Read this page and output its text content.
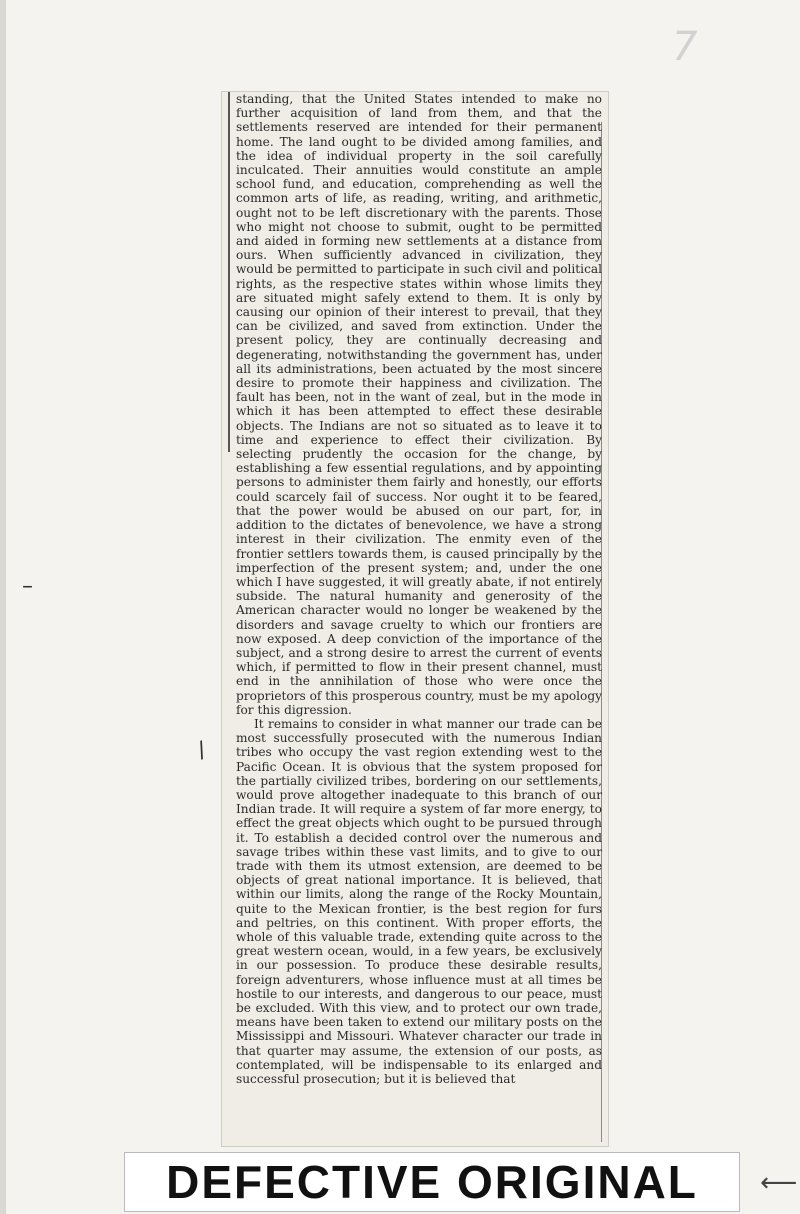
7

standing, that the United States intended to make no further acquisition of land from them, and that the settlements reserved are intended for their permanent home. The land ought to be divided among families, and the idea of individual property in the soil carefully inculcated. Their annuities would constitute an ample school fund, and education, comprehending as well the common arts of life, as reading, writing, and arithmetic, ought not to be left discretionary with the parents. Those who might not choose to submit, ought to be permitted and aided in forming new settlements at a distance from ours. When sufficiently advanced in civilization, they would be permitted to participate in such civil and political rights, as the respective states within whose limits they are situated might safely extend to them. It is only by causing our opinion of their interest to prevail, that they can be civilized, and saved from extinction. Under the present policy, they are continually decreasing and degenerating, notwithstanding the government has, under all its administrations, been actuated by the most sincere desire to promote their happiness and civilization. The fault has been, not in the want of zeal, but in the mode in which it has been attempted to effect these desirable objects. The Indians are not so situated as to leave it to time and experience to effect their civilization. By selecting prudently the occasion for the change, by establishing a few essential regulations, and by appointing persons to administer them fairly and honestly, our efforts could scarcely fail of success. Nor ought it to be feared, that the power would be abused on our part, for, in addition to the dictates of benevolence, we have a strong interest in their civilization. The enmity even of the frontier settlers towards them, is caused principally by the imperfection of the present system; and, under the one which I have suggested, it will greatly abate, if not entirely subside. The natural humanity and generosity of the American character would no longer be weakened by the disorders and savage cruelty to which our frontiers are now exposed. A deep conviction of the importance of the subject, and a strong desire to arrest the current of events which, if permitted to flow in their present channel, must end in the annihilation of those who were once the proprietors of this prosperous country, must be my apology for this digression.

It remains to consider in what manner our trade can be most successfully prosecuted with the numerous Indian tribes who occupy the vast region extending west to the Pacific Ocean. It is obvious that the system proposed for the partially civilized tribes, bordering on our settlements, would prove altogether inadequate to this branch of our Indian trade. It will require a system of far more energy, to effect the great objects which ought to be pursued through it. To establish a decided control over the numerous and savage tribes within these vast limits, and to give to our trade with them its utmost extension, are deemed to be objects of great national importance. It is believed, that within our limits, along the range of the Rocky Mountain, quite to the Mexican frontier, is the best region for furs and peltries, on this continent. With proper efforts, the whole of this valuable trade, extending quite across to the great western ocean, would, in a few years, be exclusively in our possession. To produce these desirable results, foreign adventurers, whose influence must at all times be hostile to our interests, and dangerous to our peace, must be excluded. With this view, and to protect our own trade, means have been taken to extend our military posts on the Mississippi and Missouri. Whatever character our trade in that quarter may assume, the extension of our posts, as contemplated, will be indispensable to its enlarged and successful prosecution; but it is believed that

–
/
DEFECTIVE ORIGINAL ⟵
